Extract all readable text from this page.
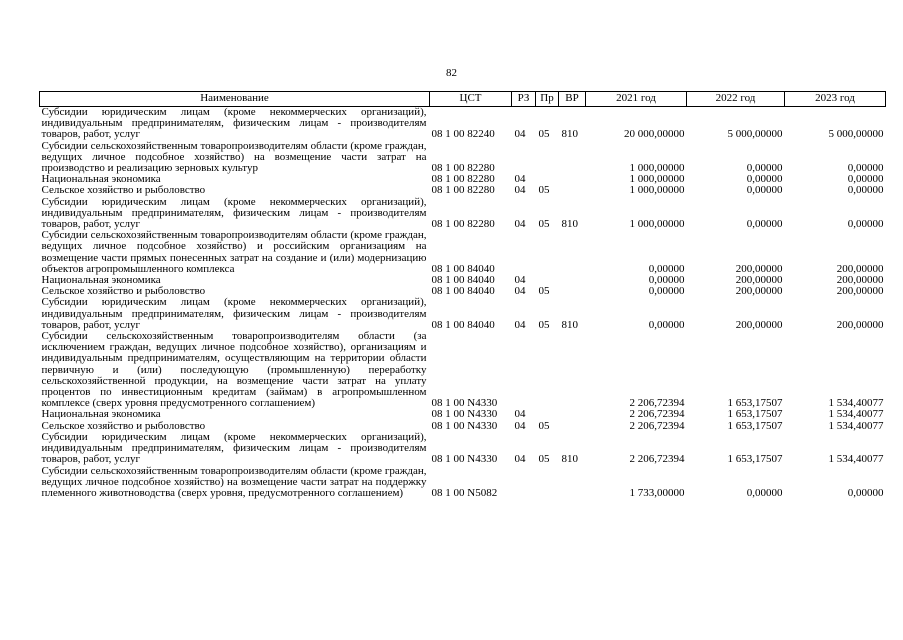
82
Наименование	ЦСТ	РЗ	Пр	ВР	2021 год	2022 год	2023 год
Субсидии юридическим лицам (кроме некоммерческих организаций), индивидуальным предпринимателям, физическим лицам - производителям товаров, работ, услуг	08 1 00 82240	04	05	810	20 000,00000	5 000,00000	5 000,00000
Субсидии сельскохозяйственным товаропроизводителям области (кроме граждан, ведущих личное подсобное хозяйство) на возмещение части затрат на производство и реализацию зерновых культур	08 1 00 82280				1 000,00000	0,00000	0,00000
Национальная экономика	08 1 00 82280	04			1 000,00000	0,00000	0,00000
Сельское хозяйство и рыболовство	08 1 00 82280	04	05		1 000,00000	0,00000	0,00000
Субсидии юридическим лицам (кроме некоммерческих организаций), индивидуальным предпринимателям, физическим лицам - производителям товаров, работ, услуг	08 1 00 82280	04	05	810	1 000,00000	0,00000	0,00000
Субсидии сельскохозяйственным товаропроизводителям области (кроме граждан, ведущих личное подсобное хозяйство) и российским организациям на возмещение части прямых понесенных затрат на создание и (или) модернизацию объектов агропромышленного комплекса	08 1 00 84040				0,00000	200,00000	200,00000
Национальная экономика	08 1 00 84040	04			0,00000	200,00000	200,00000
Сельское хозяйство и рыболовство	08 1 00 84040	04	05		0,00000	200,00000	200,00000
Субсидии юридическим лицам (кроме некоммерческих организаций), индивидуальным предпринимателям, физическим лицам - производителям товаров, работ, услуг	08 1 00 84040	04	05	810	0,00000	200,00000	200,00000
Субсидии сельскохозяйственным товаропроизводителям области (за исключением граждан, ведущих личное подсобное хозяйство), организациям и индивидуальным предпринимателям, осуществляющим на территории области первичную и (или) последующую (промышленную) переработку сельскохозяйственной продукции, на возмещение части затрат на уплату процентов по инвестиционным кредитам (займам) в агропромышленном комплексе (сверх уровня предусмотренного соглашением)	08 1 00 N4330				2 206,72394	1 653,17507	1 534,40077
Национальная экономика	08 1 00 N4330	04			2 206,72394	1 653,17507	1 534,40077
Сельское хозяйство и рыболовство	08 1 00 N4330	04	05		2 206,72394	1 653,17507	1 534,40077
Субсидии юридическим лицам (кроме некоммерческих организаций), индивидуальным предпринимателям, физическим лицам - производителям товаров, работ, услуг	08 1 00 N4330	04	05	810	2 206,72394	1 653,17507	1 534,40077
Субсидии сельскохозяйственным товаропроизводителям области (кроме граждан, ведущих личное подсобное хозяйство) на возмещение части затрат на поддержку племенного животноводства (сверх уровня, предусмотренного соглашением)	08 1 00 N5082				1 733,00000	0,00000	0,00000
